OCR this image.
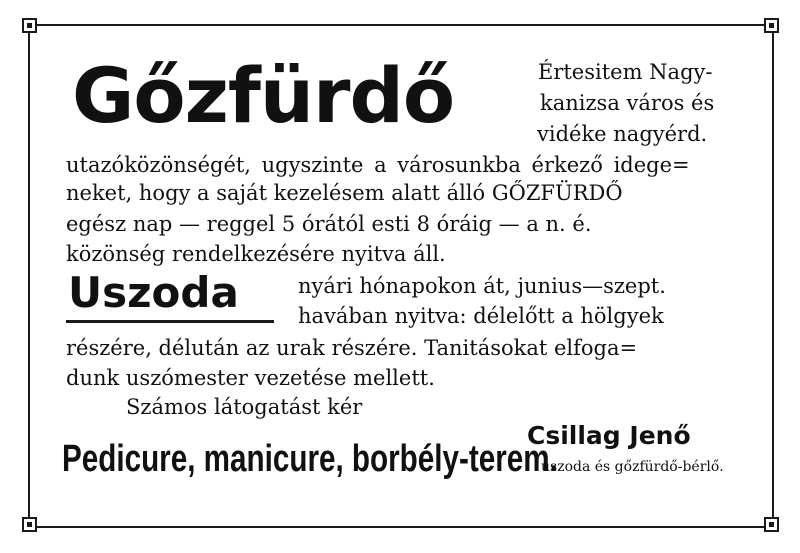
Gőzfürdő	Értesitem Nagy-
kanizsa város és
vidéke nagyérd.
utazóközönségét, ugyszinte a városunkba érkező idege=
neket, hogy a saját kezelésem alatt álló GŐZFÜRDŐ
egész nap — reggel 5 órától esti 8 óráig — a n. é.
közönség rendelkezésére nyitva áll.
Uszoda	nyári hónapokon át, junius—szept.
havában nyitva: délelőtt a hölgyek
részére, délután az urak részére. Tanitásokat elfoga=
dunk uszómester vezetése mellett.
Számos látogatást kér
Pedicure, manicure, borbély-terem.
Csillag Jenő
uszoda és gőzfürdő-bérlő.
